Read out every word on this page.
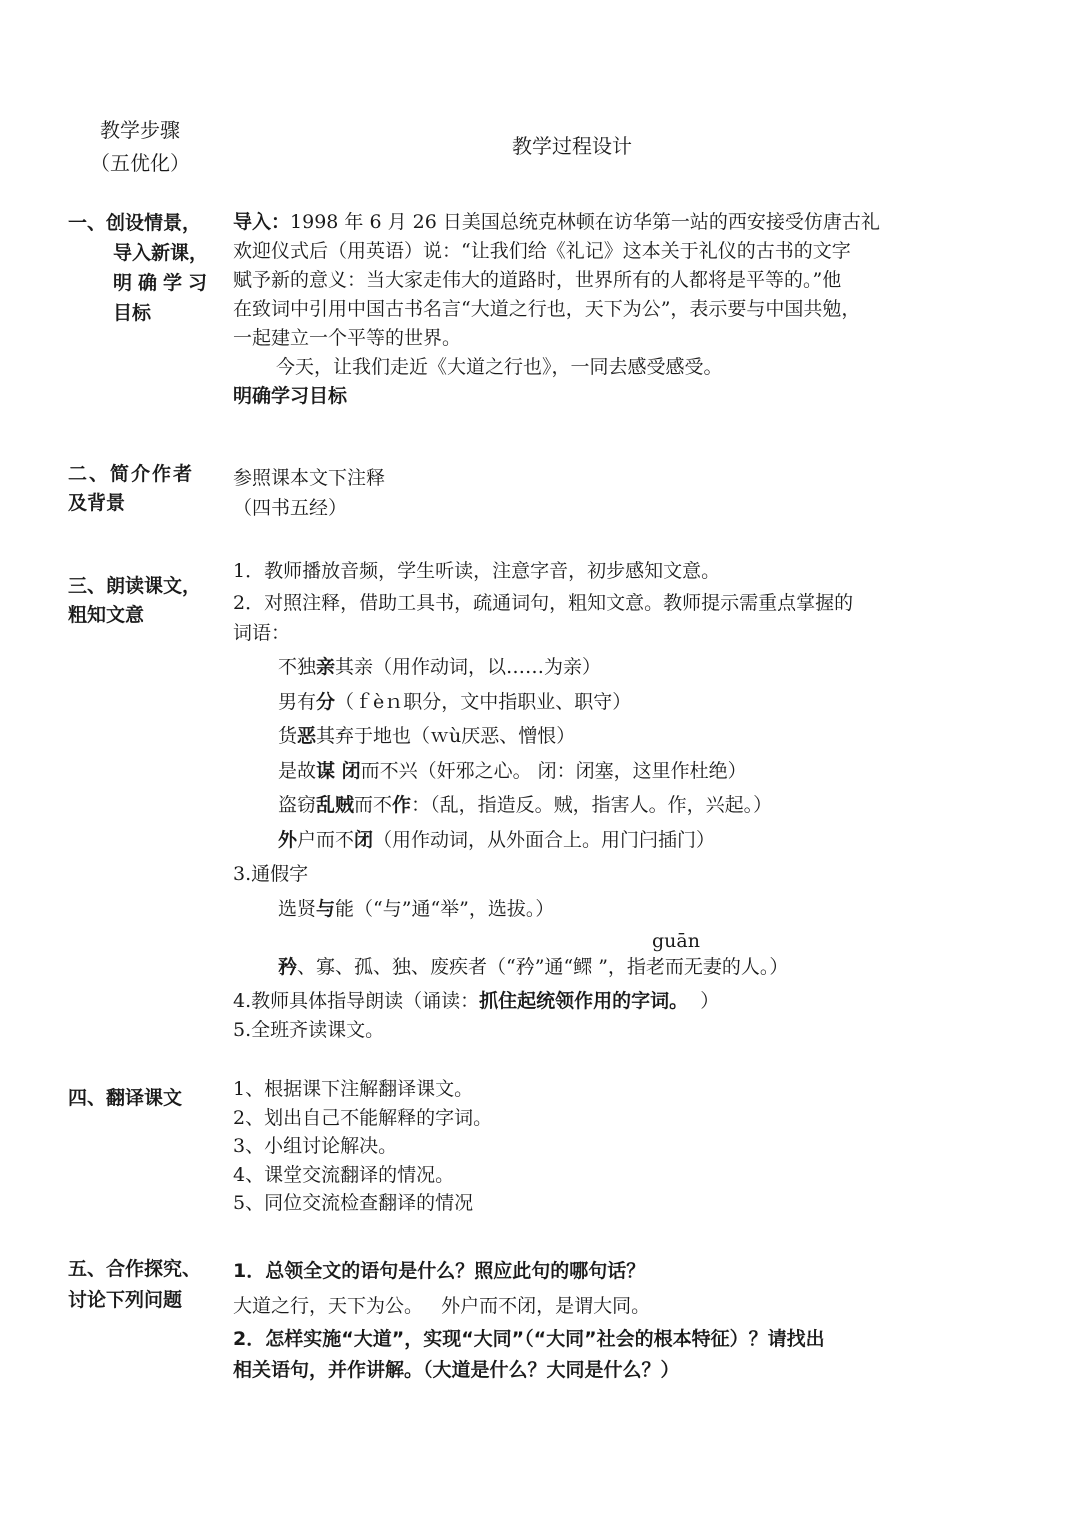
教学步骤
（五优化）
教学过程设计
一、创设情景，
导入新课，
明确学习
目标
导入：1998 年 6 月 26 日美国总统克林顿在访华第一站的西安接受仿唐古礼
欢迎仪式后（用英语）说：“让我们给《礼记》这本关于礼仪的古书的文字
赋予新的意义：当大家走伟大的道路时，世界所有的人都将是平等的。”他
在致词中引用中国古书名言“大道之行也，天下为公”，表示要与中国共勉，
一起建立一个平等的世界。
今天，让我们走近《大道之行也》，一同去感受感受。
明确学习目标
二、简介作者
及背景
参照课本文下注释
（四书五经）
三、朗读课文，
粗知文意
1．教师播放音频，学生听读，注意字音，初步感知文意。
2．对照注释，借助工具书，疏通词句，粗知文意。教师提示需重点掌握的
词语：
不独亲其亲（用作动词，以……为亲）
男有分（ｆèｎ职分，文中指职业、职守）
货恶其弃于地也（ｗù厌恶、憎恨）
是故谋 闭而不兴（奸邪之心。 闭：闭塞，这里作杜绝）
盗窃乱贼而不作：（乱，指造反。贼，指害人。作，兴起。）
外户而不闭（用作动词，从外面合上。用门闩插门）
3.通假字
选贤与能（“与”通“举”，选拔。）
guān
矜、寡、孤、独、废疾者（“矜”通“鳏 ”，指老而无妻的人。）
4.教师具体指导朗读（诵读：抓住起统领作用的字词。  ）
5.全班齐读课文。
四、翻译课文	1、根据课下注解翻译课文。
2、划出自己不能解释的字词。
3、小组讨论解决。
4、课堂交流翻译的情况。
5、同位交流检查翻译的情况
五、合作探究、
讨论下列问题
1．总领全文的语句是什么？照应此句的哪句话？
大道之行，天下为公。   外户而不闭，是谓大同。
2．怎样实施“大道”，实现“大同”（“大同”社会的根本特征）？请找出
相关语句，并作讲解。（大道是什么？大同是什么？）
